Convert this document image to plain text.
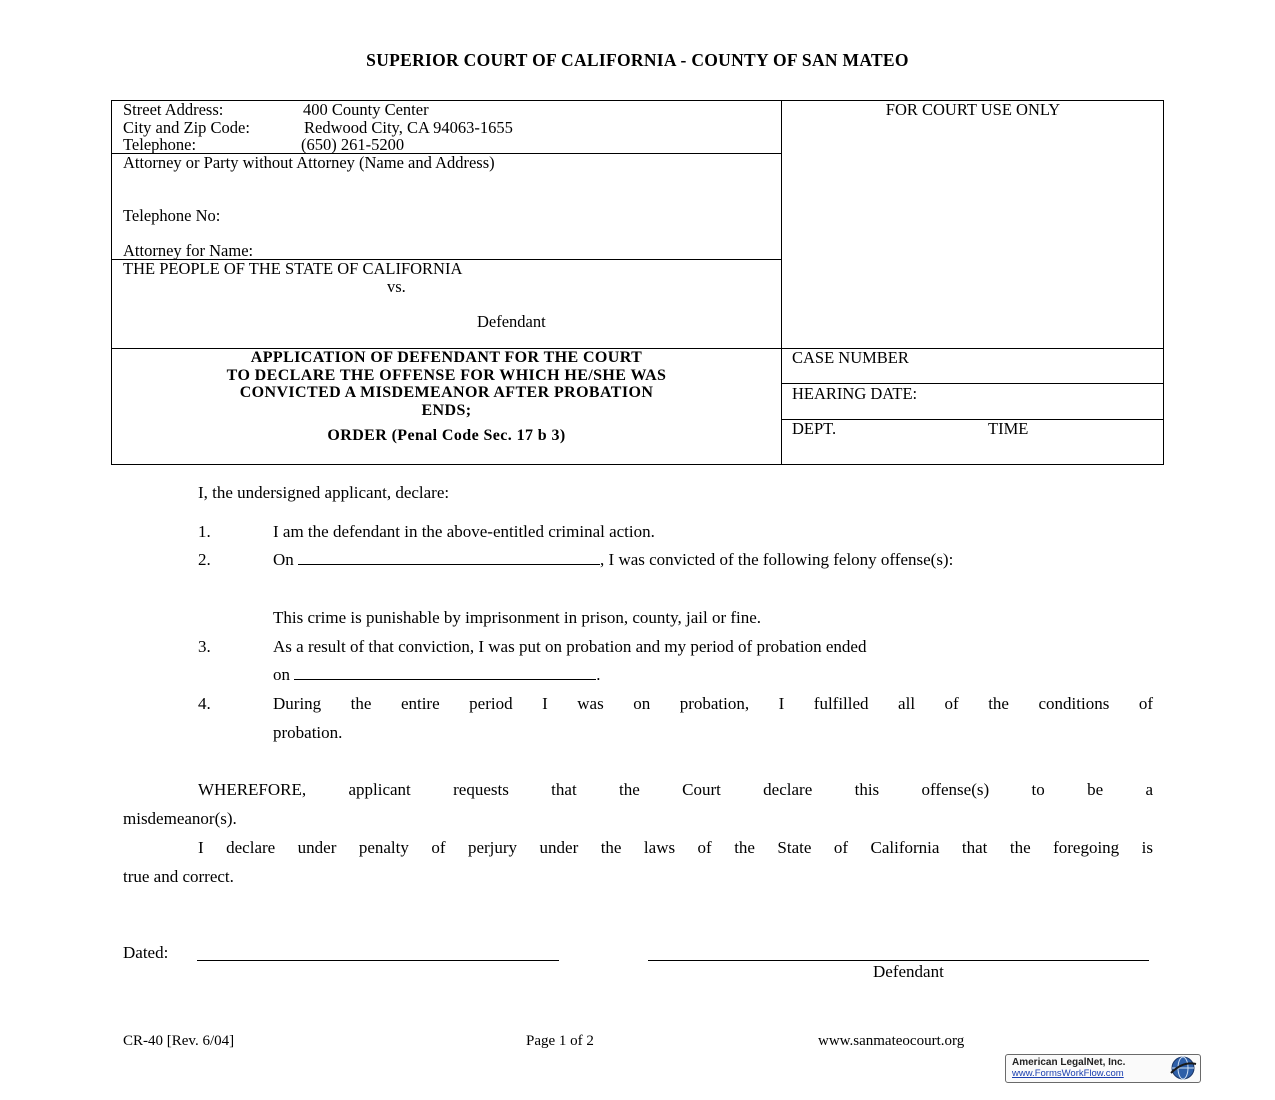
SUPERIOR COURT OF CALIFORNIA - COUNTY OF SAN MATEO
Street Address:	400 County Center
City and Zip Code:	Redwood City, CA 94063-1655
Telephone:	(650) 261-5200
Attorney or Party without Attorney (Name and Address)
Telephone No:
Attorney for Name:
THE PEOPLE OF THE STATE OF CALIFORNIA
vs.
Defendant
FOR COURT USE ONLY
APPLICATION OF DEFENDANT FOR THE COURT
TO DECLARE THE OFFENSE FOR WHICH HE/SHE WAS
CONVICTED A MISDEMEANOR AFTER PROBATION
ENDS;
ORDER (Penal Code Sec. 17 b 3)
CASE NUMBER
HEARING DATE:
DEPT.	TIME
I, the undersigned applicant, declare:
1.	I am the defendant in the above-entitled criminal action.
2.	On	, I was convicted of the following felony offense(s):
This crime is punishable by imprisonment in prison, county, jail or fine.
3.	As a result of that conviction, I was put on probation and my period of probation ended
on	.
4.	During the entire period I was on probation, I fulfilled all of the conditions of
probation.
WHEREFORE, applicant requests that the Court declare this offense(s) to be a
misdemeanor(s).
I declare under penalty of perjury under the laws of the State of California that the foregoing is
true and correct.
Dated:
Defendant
CR-40 [Rev. 6/04]	Page 1 of 2	www.sanmateocourt.org
American LegalNet, Inc.
www.FormsWorkFlow.com
